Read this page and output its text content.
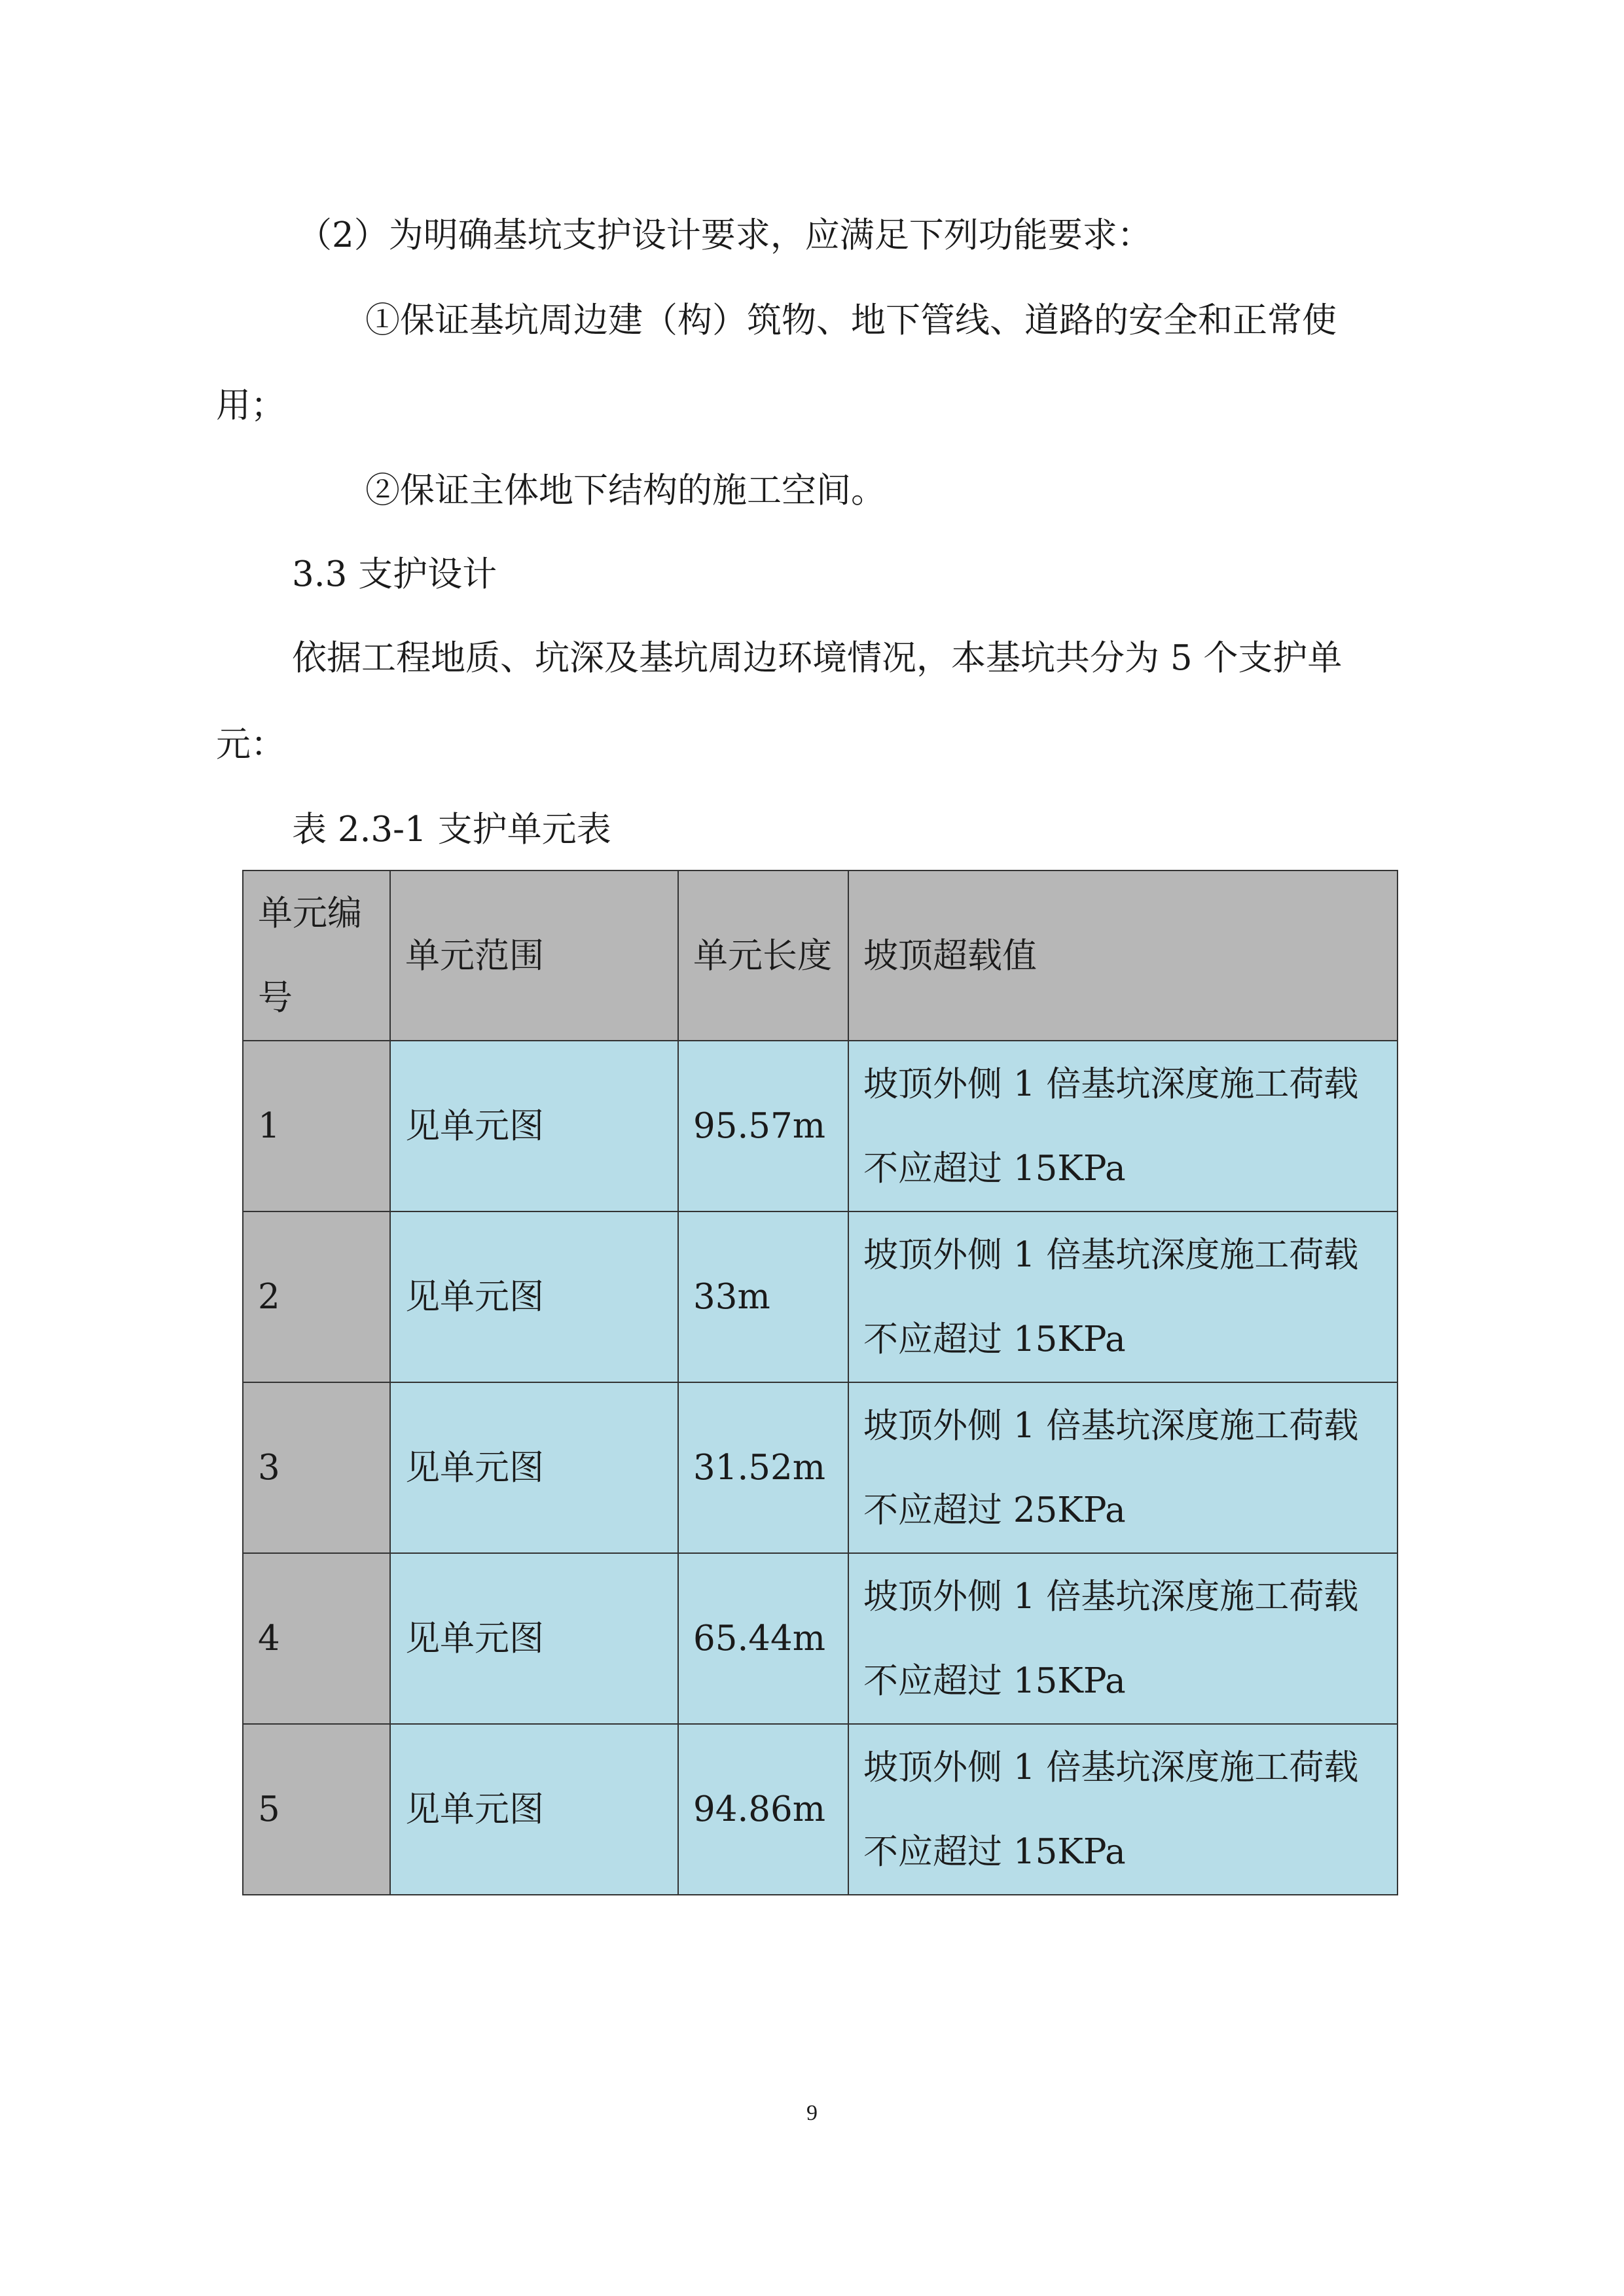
（2）为明确基坑支护设计要求，应满足下列功能要求：

①保证基坑周边建（构）筑物、地下管线、道路的安全和正常使

用；

②保证主体地下结构的施工空间。

3.3 支护设计

依据工程地质、坑深及基坑周边环境情况，本基坑共分为 5 个支护单

元：

表 2.3-1 支护单元表

单元编号	单元范围	单元长度	坡顶超载值
1	见单元图	95.57m	坡顶外侧 1 倍基坑深度施工荷载不应超过 15KPa
2	见单元图	33m	坡顶外侧 1 倍基坑深度施工荷载不应超过 15KPa
3	见单元图	31.52m	坡顶外侧 1 倍基坑深度施工荷载不应超过 25KPa
4	见单元图	65.44m	坡顶外侧 1 倍基坑深度施工荷载不应超过 15KPa
5	见单元图	94.86m	坡顶外侧 1 倍基坑深度施工荷载不应超过 15KPa
9
